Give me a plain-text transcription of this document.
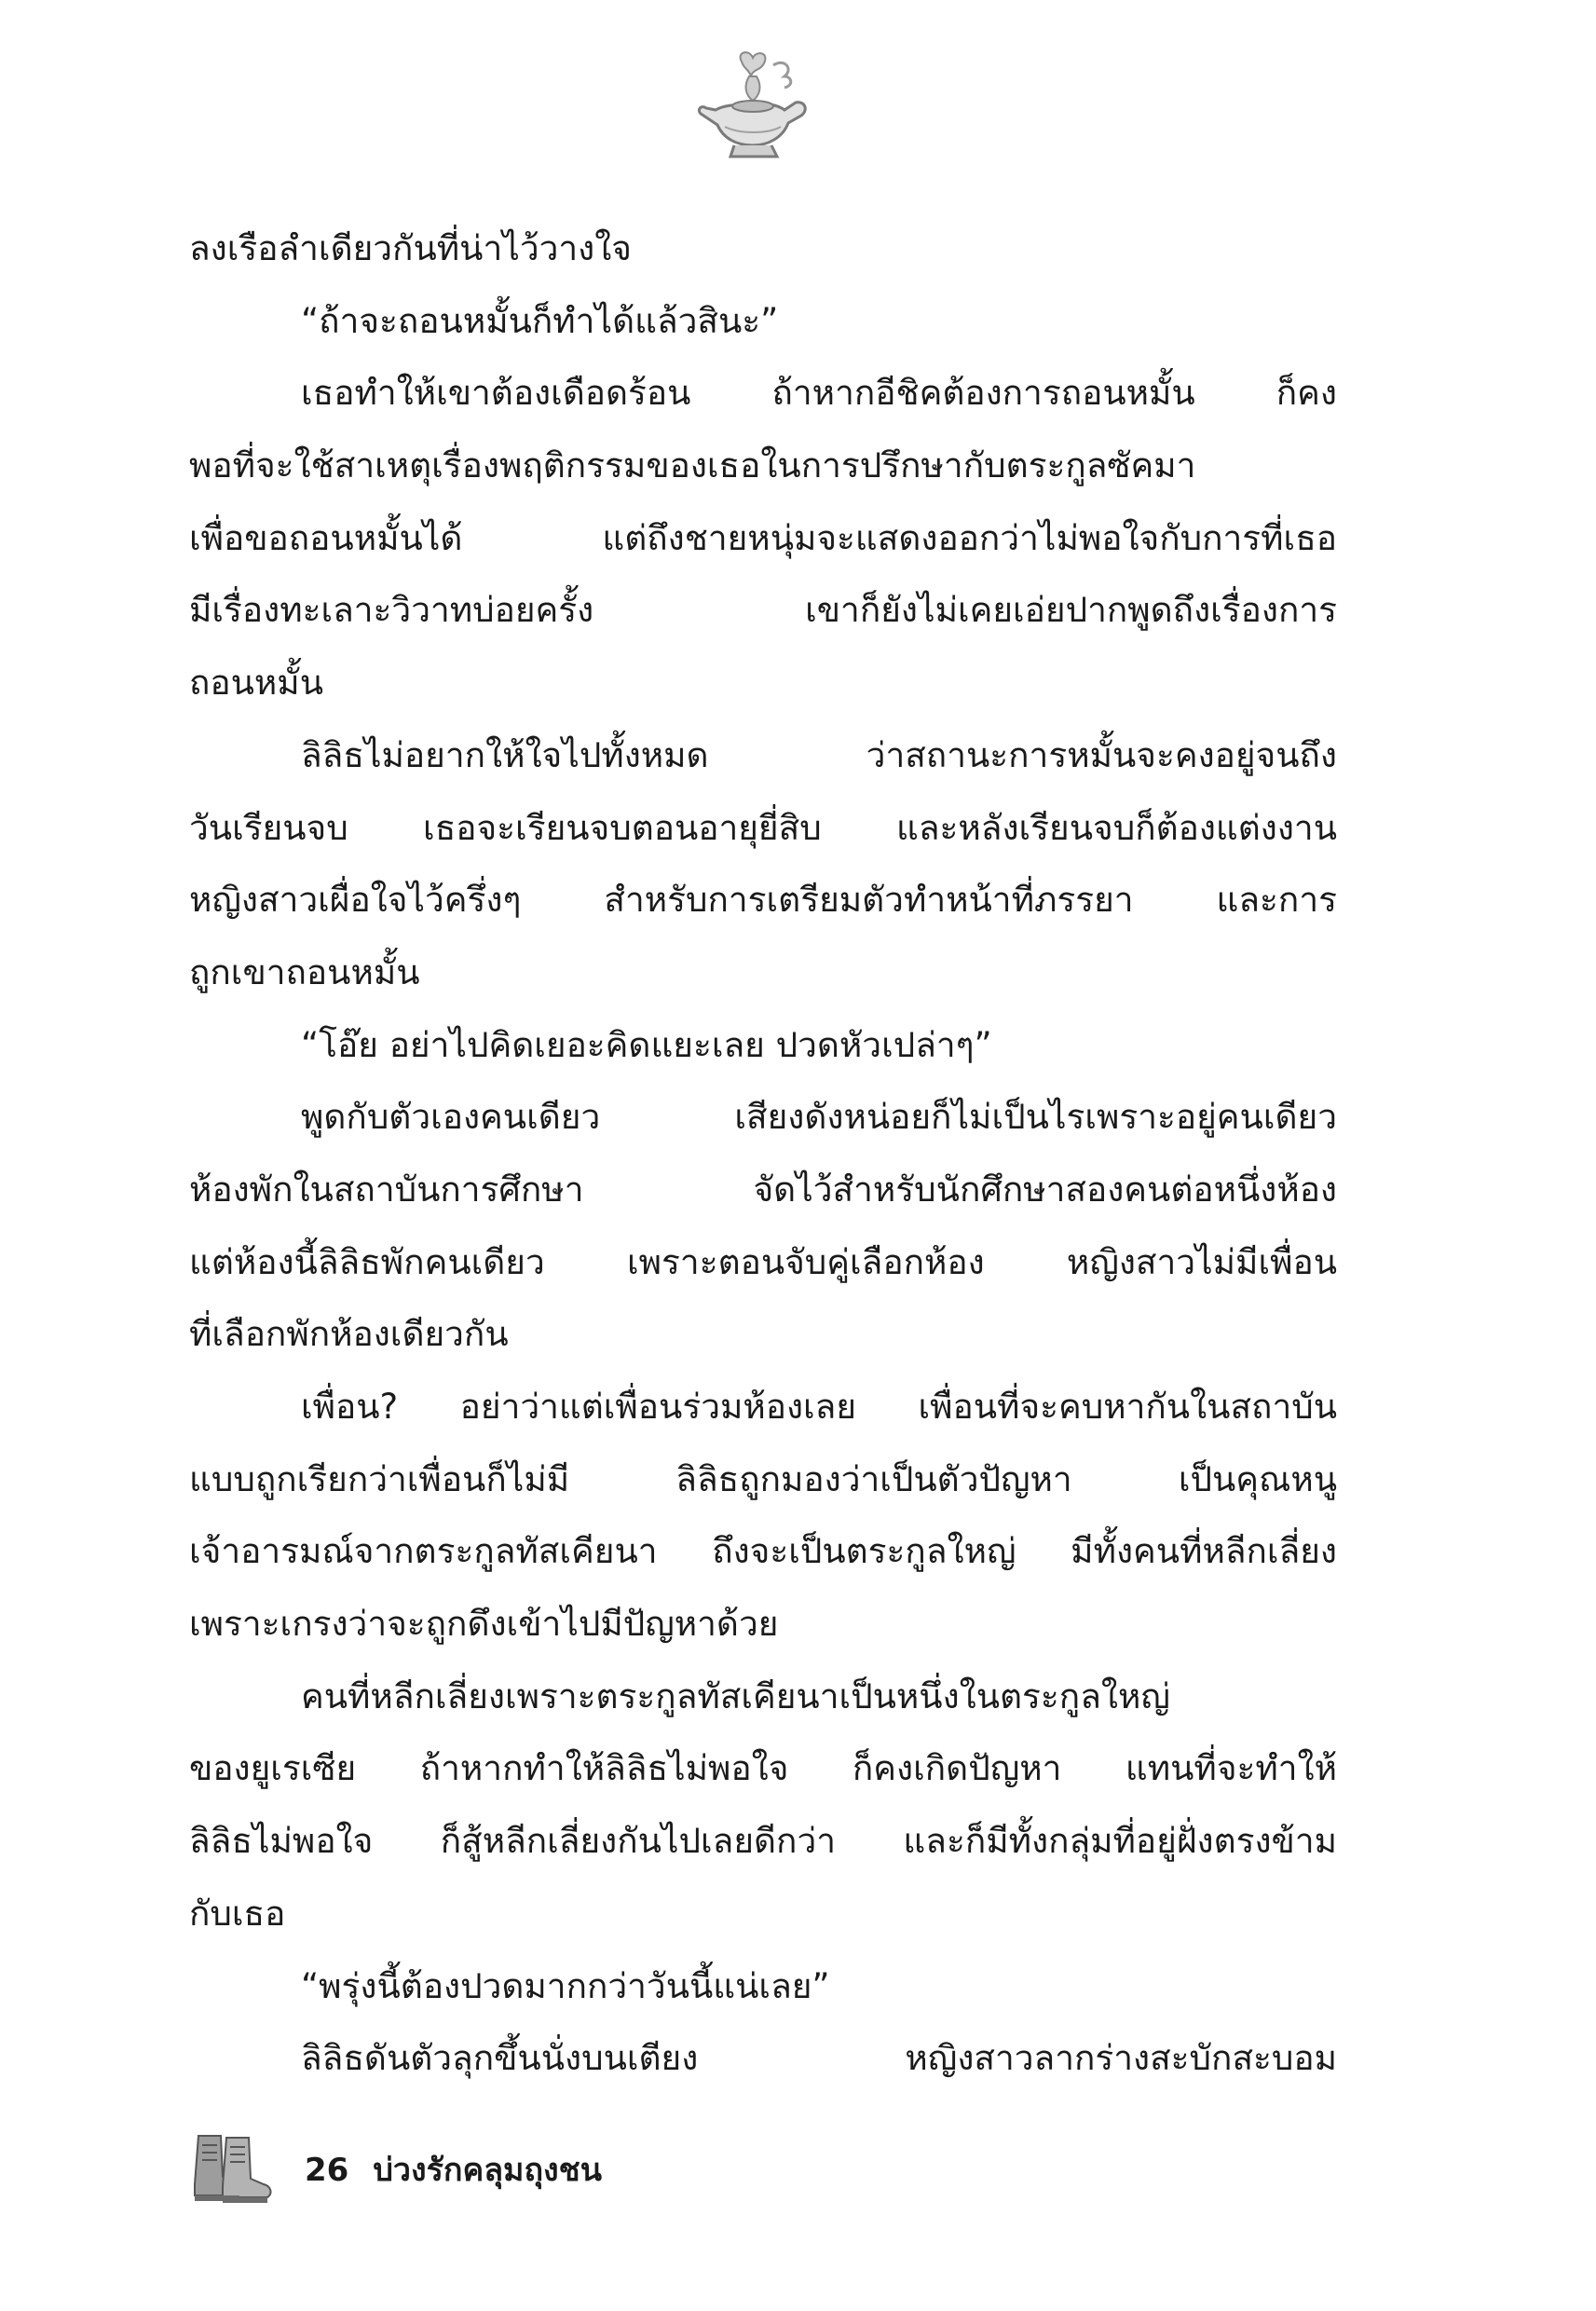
ลงเรือลำเดียวกันที่น่าไว้วางใจ
“ถ้าจะถอนหมั้นก็ทำได้แล้วสินะ”
เธอทำให้เขาต้องเดือดร้อน ถ้าหากอีชิคต้องการถอนหมั้น ก็คง
พอที่จะใช้สาเหตุเรื่องพฤติกรรมของเธอในการปรึกษากับตระกูลซัคมา
เพื่อขอถอนหมั้นได้ แต่ถึงชายหนุ่มจะแสดงออกว่าไม่พอใจกับการที่เธอ
มีเรื่องทะเลาะวิวาทบ่อยครั้ง เขาก็ยังไม่เคยเอ่ยปากพูดถึงเรื่องการ
ถอนหมั้น
ลิลิธไม่อยากให้ใจไปทั้งหมด ว่าสถานะการหมั้นจะคงอยู่จนถึง
วันเรียนจบ เธอจะเรียนจบตอนอายุยี่สิบ และหลังเรียนจบก็ต้องแต่งงาน
หญิงสาวเผื่อใจไว้ครึ่งๆ สำหรับการเตรียมตัวทำหน้าที่ภรรยา และการ
ถูกเขาถอนหมั้น
“โอ๊ย อย่าไปคิดเยอะคิดแยะเลย ปวดหัวเปล่าๆ”
พูดกับตัวเองคนเดียว เสียงดังหน่อยก็ไม่เป็นไรเพราะอยู่คนเดียว
ห้องพักในสถาบันการศึกษา จัดไว้สำหรับนักศึกษาสองคนต่อหนึ่งห้อง
แต่ห้องนี้ลิลิธพักคนเดียว เพราะตอนจับคู่เลือกห้อง หญิงสาวไม่มีเพื่อน
ที่เลือกพักห้องเดียวกัน
เพื่อน? อย่าว่าแต่เพื่อนร่วมห้องเลย เพื่อนที่จะคบหากันในสถาบัน
แบบถูกเรียกว่าเพื่อนก็ไม่มี ลิลิธถูกมองว่าเป็นตัวปัญหา เป็นคุณหนู
เจ้าอารมณ์จากตระกูลทัสเคียนา ถึงจะเป็นตระกูลใหญ่ มีทั้งคนที่หลีกเลี่ยง
เพราะเกรงว่าจะถูกดึงเข้าไปมีปัญหาด้วย
คนที่หลีกเลี่ยงเพราะตระกูลทัสเคียนาเป็นหนึ่งในตระกูลใหญ่
ของยูเรเซีย ถ้าหากทำให้ลิลิธไม่พอใจ ก็คงเกิดปัญหา แทนที่จะทำให้
ลิลิธไม่พอใจ ก็สู้หลีกเลี่ยงกันไปเลยดีกว่า และก็มีทั้งกลุ่มที่อยู่ฝั่งตรงข้าม
กับเธอ
“พรุ่งนี้ต้องปวดมากกว่าวันนี้แน่เลย”
ลิลิธดันตัวลุกขึ้นนั่งบนเตียง หญิงสาวลากร่างสะบักสะบอม
26 บ่วงรักคลุมถุงชน
